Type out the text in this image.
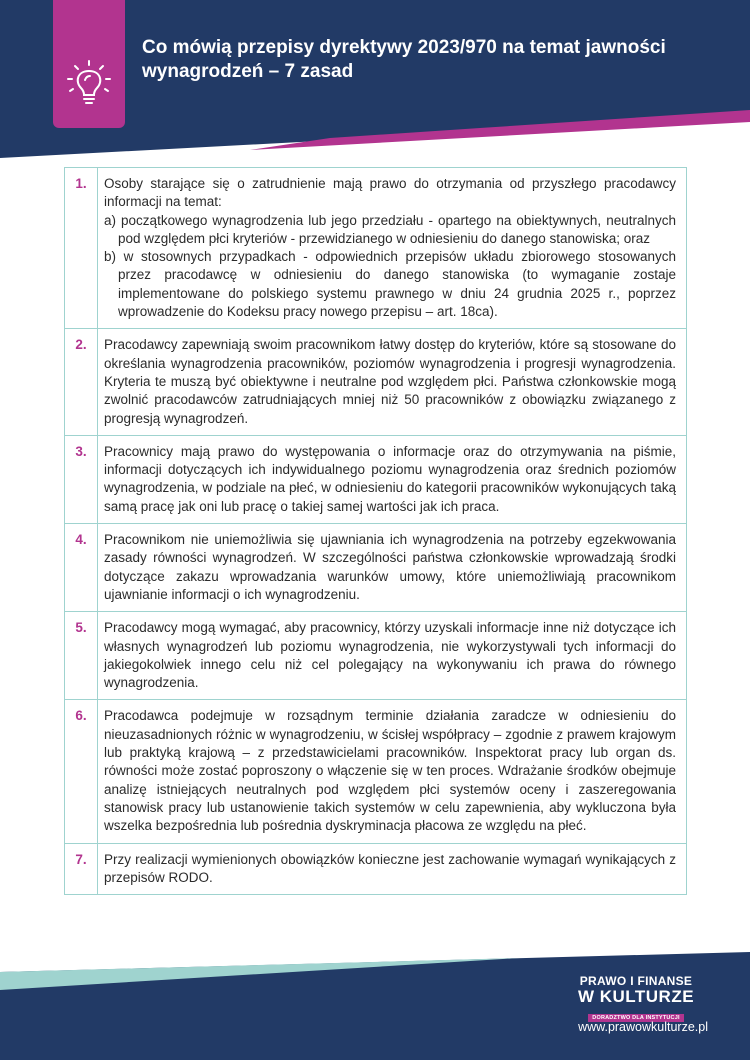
Co mówią przepisy dyrektywy 2023/970 na temat jawności wynagrodzeń – 7 zasad
1.	Osoby starające się o zatrudnienie mają prawo do otrzymania od przyszłego pracodawcy informacji na temat:

a) początkowego wynagrodzenia lub jego przedziału - opartego na obiektywnych, neutralnych pod względem płci kryteriów - przewidzianego w odniesieniu do danego stanowiska; oraz

b) w stosownych przypadkach - odpowiednich przepisów układu zbiorowego stosowanych przez pracodawcę w odniesieniu do danego stanowiska (to wymaganie zostaje implementowane do polskiego systemu prawnego w dniu 24 grudnia 2025 r., poprzez wprowadzenie do Kodeksu pracy nowego przepisu – art. 18ca).

2.	Pracodawcy zapewniają swoim pracownikom łatwy dostęp do kryteriów, które są stosowane do określania wynagrodzenia pracowników, poziomów wynagrodzenia i progresji wynagrodzenia. Kryteria te muszą być obiektywne i neutralne pod względem płci. Państwa członkowskie mogą zwolnić pracodawców zatrudniających mniej niż 50 pracowników z obowiązku związanego z progresją wynagrodzeń.
3.	Pracownicy mają prawo do występowania o informacje oraz do otrzymywania na piśmie, informacji dotyczących ich indywidualnego poziomu wynagrodzenia oraz średnich poziomów wynagrodzenia, w podziale na płeć, w odniesieniu do kategorii pracowników wykonujących taką samą pracę jak oni lub pracę o takiej samej wartości jak ich praca.
4.	Pracownikom nie uniemożliwia się ujawniania ich wynagrodzenia na potrzeby egzekwowania zasady równości wynagrodzeń. W szczególności państwa członkowskie wprowadzają środki dotyczące zakazu wprowadzania warunków umowy, które uniemożliwiają pracownikom ujawnianie informacji o ich wynagrodzeniu.
5.	Pracodawcy mogą wymagać, aby pracownicy, którzy uzyskali informacje inne niż dotyczące ich własnych wynagrodzeń lub poziomu wynagrodzenia, nie wykorzystywali tych informacji do jakiegokolwiek innego celu niż cel polegający na wykonywaniu ich prawa do równego wynagrodzenia.
6.	Pracodawca podejmuje w rozsądnym terminie działania zaradcze w odniesieniu do nieuzasadnionych różnic w wynagrodzeniu, w ścisłej współpracy – zgodnie z prawem krajowym lub praktyką krajową – z przedstawicielami pracowników. Inspektorat pracy lub organ ds. równości może zostać poproszony o włączenie się w ten proces. Wdrażanie środków obejmuje analizę istniejących neutralnych pod względem płci systemów oceny i zaszeregowania stanowisk pracy lub ustanowienie takich systemów w celu zapewnienia, aby wykluczona była wszelka bezpośrednia lub pośrednia dyskryminacja płacowa ze względu na płeć.
7.	Przy realizacji wymienionych obowiązków konieczne jest zachowanie wymagań wynikających z przepisów RODO.
PRAWO I FINANSE
W KULTURZE
DORADZTWO DLA INSTYTUCJI
www.prawowkulturze.pl
